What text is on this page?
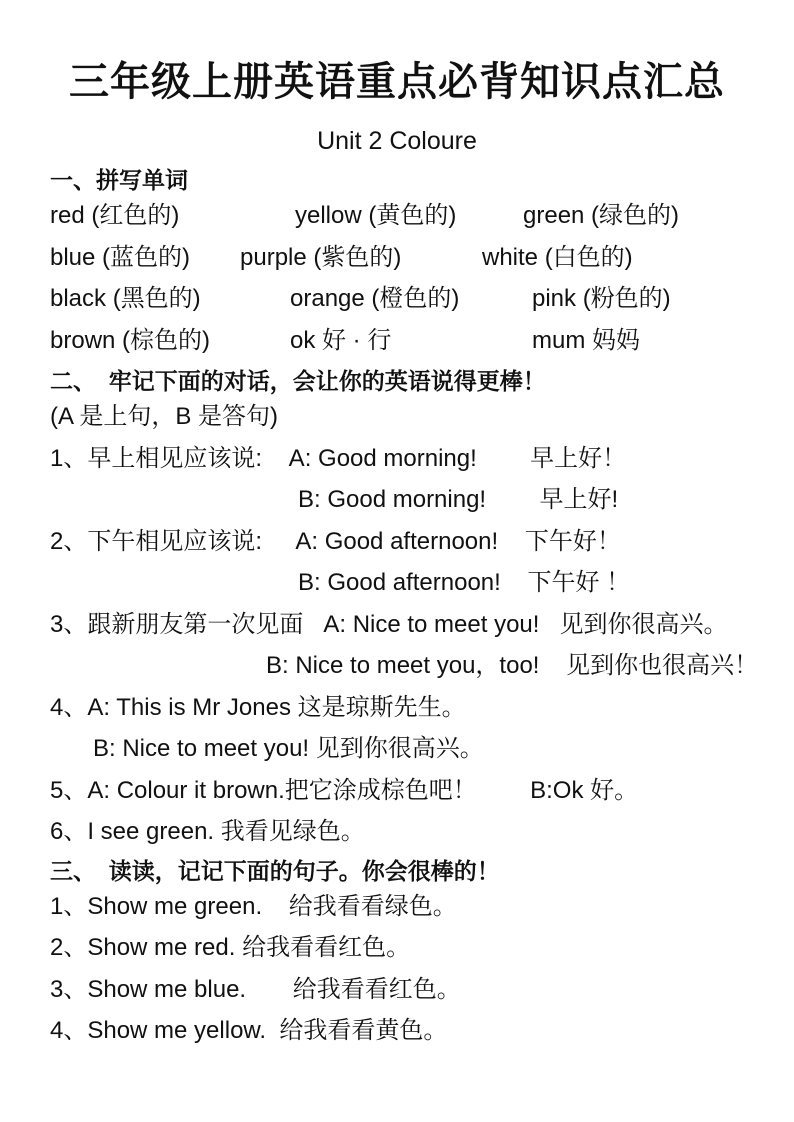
三年级上册英语重点必背知识点汇总
Unit 2 Coloure
一、拼写单词
red (红色的)	yellow (黄色的)	green (绿色的)
blue (蓝色的) purple (紫色的)	white (白色的)
black (黑色的)	orange (橙色的)	pink (粉色的)
brown (棕色的)	ok 好 · 行	mum 妈妈
二、  牢记下面的对话，会让你的英语说得更棒！
(A 是上句，B 是答句)
1、早上相见应该说:    A: Good morning!        早上好！
B: Good morning!        早上好!
2、下午相见应该说:     A: Good afternoon!    下午好！
B: Good afternoon!    下午好 ！
3、跟新朋友第一次见面   A: Nice to meet you!   见到你很高兴。
B: Nice to meet you，too!    见到你也很高兴！
4、A: This is Mr Jones 这是琼斯先生。
B: Nice to meet you! 见到你很高兴。
5、A: Colour it brown.把它涂成棕色吧！        B:Ok 好。
6、I see green. 我看见绿色。
三、  读读，记记下面的句子。你会很棒的！
1、Show me green.    给我看看绿色。
2、Show me red. 给我看看红色。
3、Show me blue.       给我看看红色。
4、Show me yellow.  给我看看黄色。
